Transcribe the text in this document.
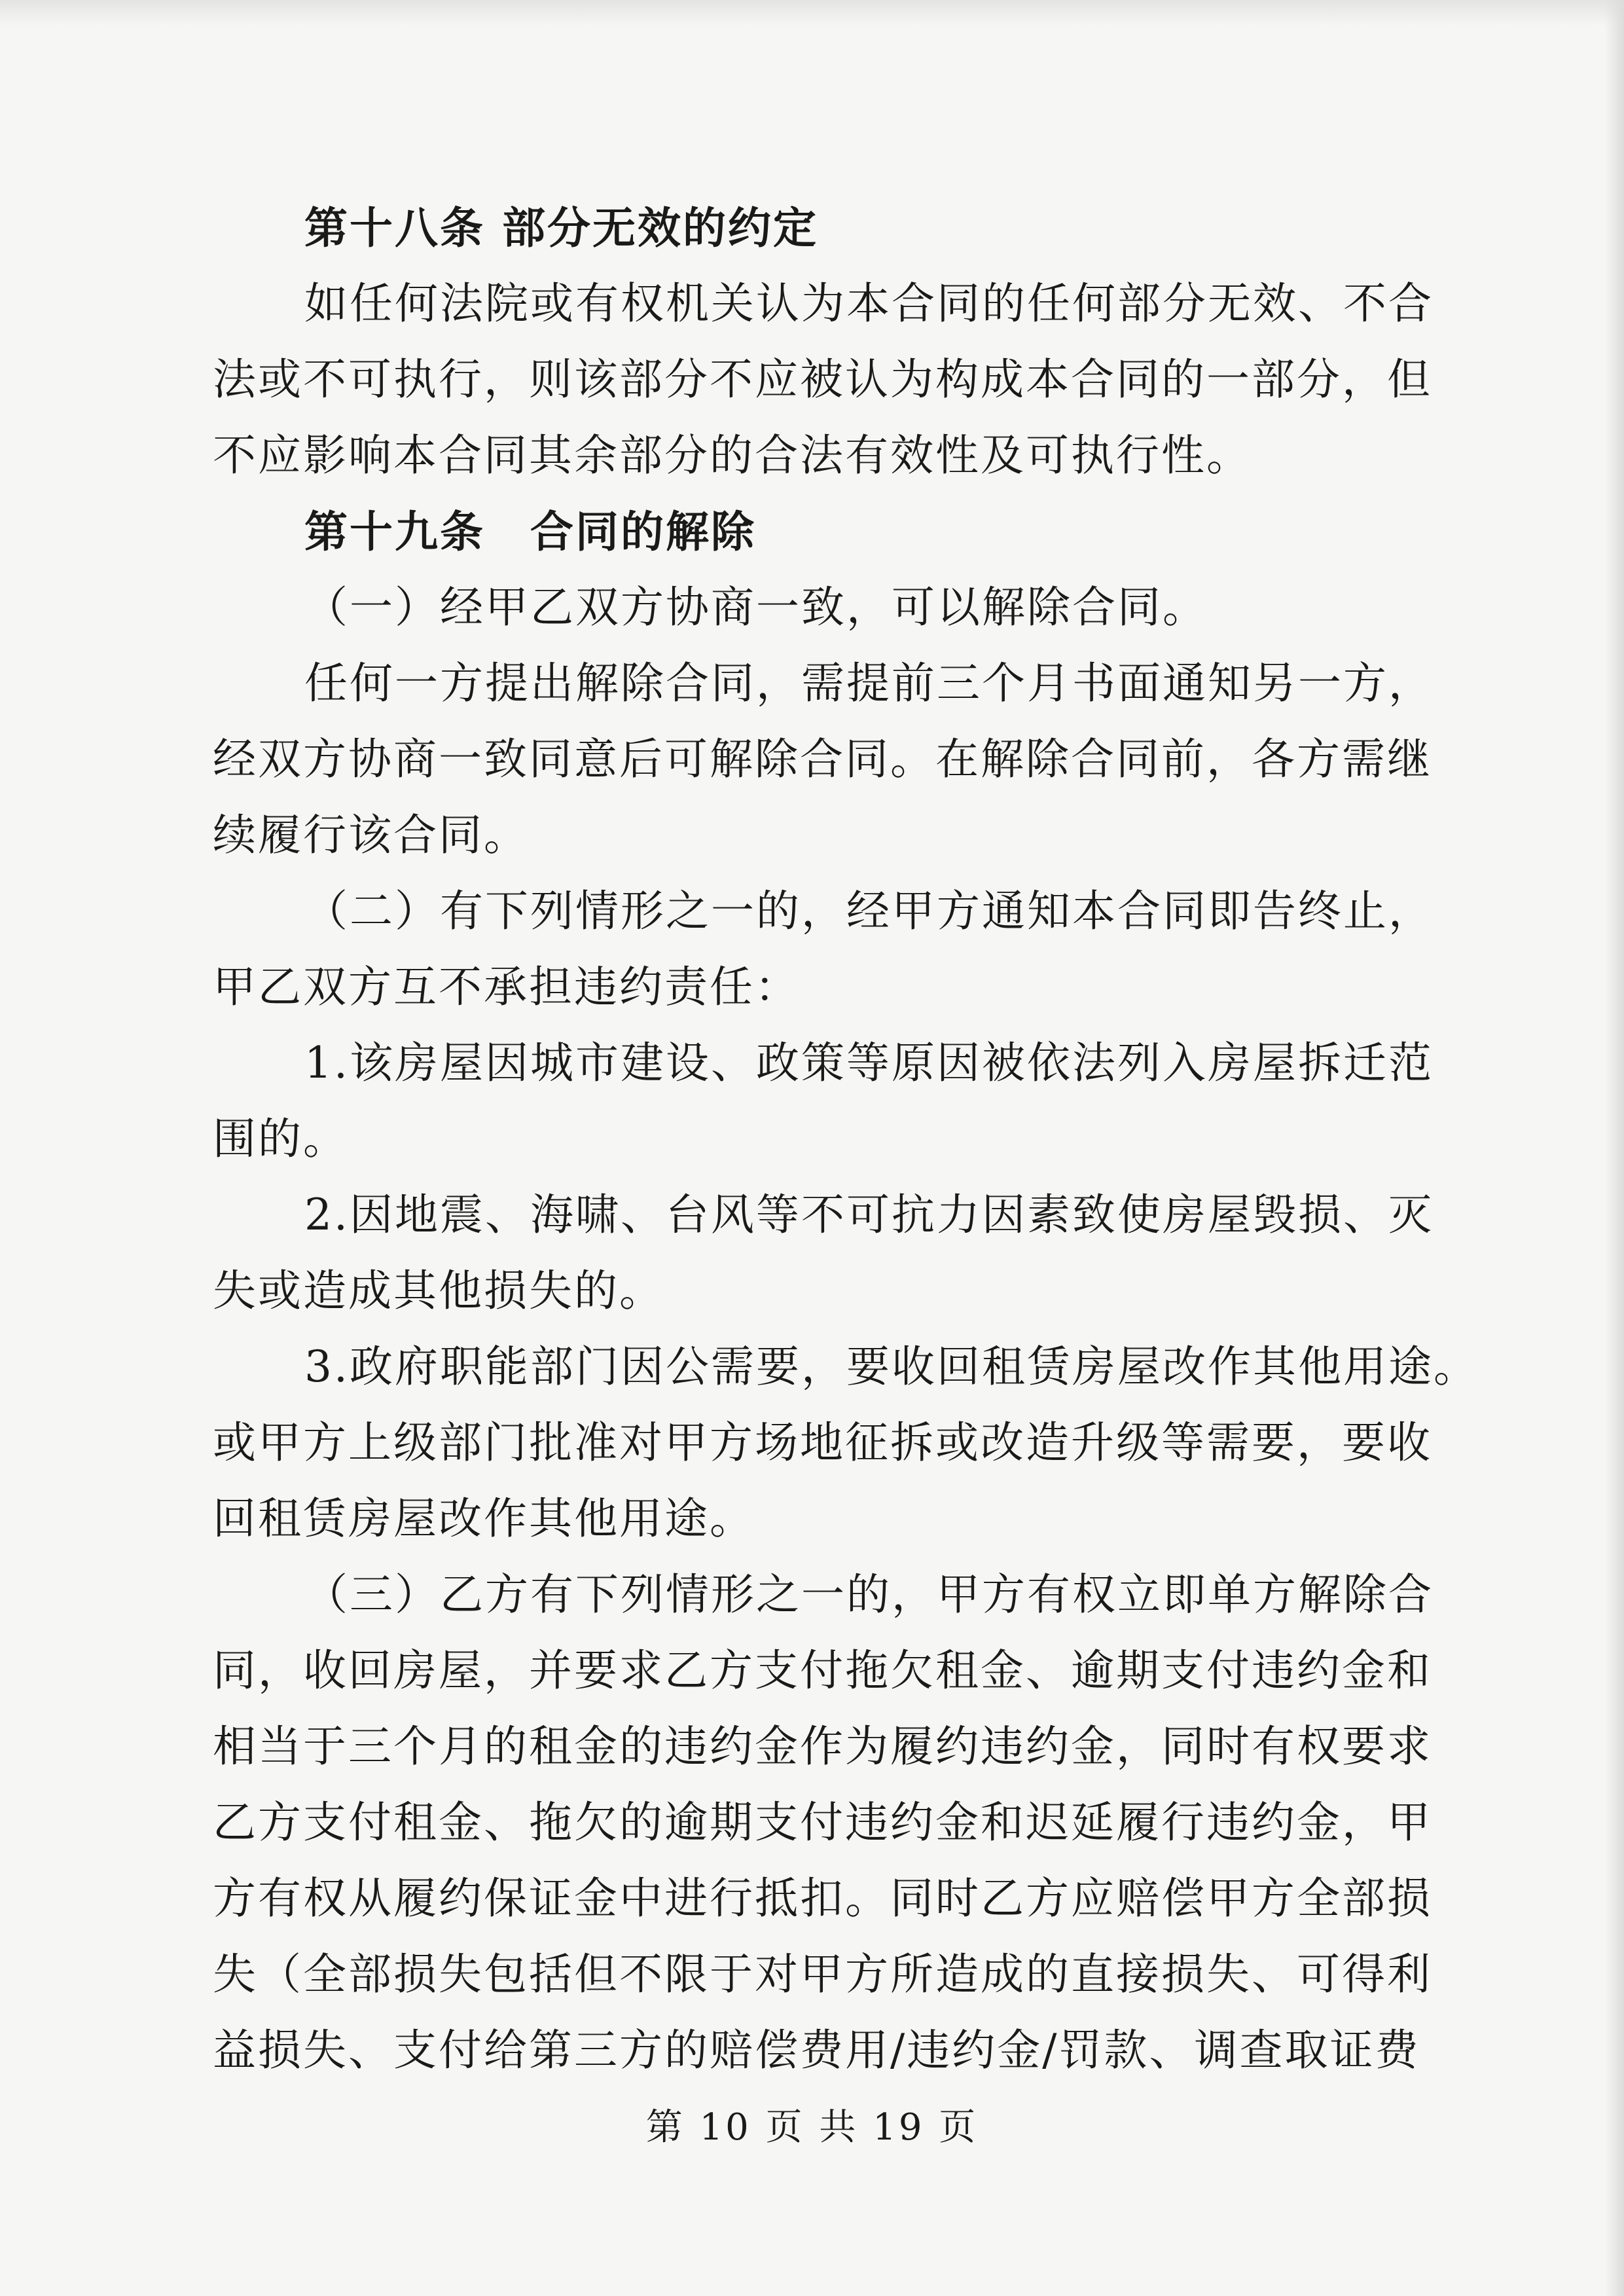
第十八条 部分无效的约定
如任何法院或有权机关认为本合同的任何部分无效、不合
法或不可执行，则该部分不应被认为构成本合同的一部分，但
不应影响本合同其余部分的合法有效性及可执行性。
第十九条　合同的解除
（一）经甲乙双方协商一致，可以解除合同。
任何一方提出解除合同，需提前三个月书面通知另一方，
经双方协商一致同意后可解除合同。在解除合同前，各方需继
续履行该合同。
（二）有下列情形之一的，经甲方通知本合同即告终止，
甲乙双方互不承担违约责任：
1.该房屋因城市建设、政策等原因被依法列入房屋拆迁范
围的。
2.因地震、海啸、台风等不可抗力因素致使房屋毁损、灭
失或造成其他损失的。
3.政府职能部门因公需要，要收回租赁房屋改作其他用途。
或甲方上级部门批准对甲方场地征拆或改造升级等需要，要收
回租赁房屋改作其他用途。
（三）乙方有下列情形之一的，甲方有权立即单方解除合
同，收回房屋，并要求乙方支付拖欠租金、逾期支付违约金和
相当于三个月的租金的违约金作为履约违约金，同时有权要求
乙方支付租金、拖欠的逾期支付违约金和迟延履行违约金，甲
方有权从履约保证金中进行抵扣。同时乙方应赔偿甲方全部损
失（全部损失包括但不限于对甲方所造成的直接损失、可得利
益损失、支付给第三方的赔偿费用/违约金/罚款、调查取证费
第 10 页 共 19 页
